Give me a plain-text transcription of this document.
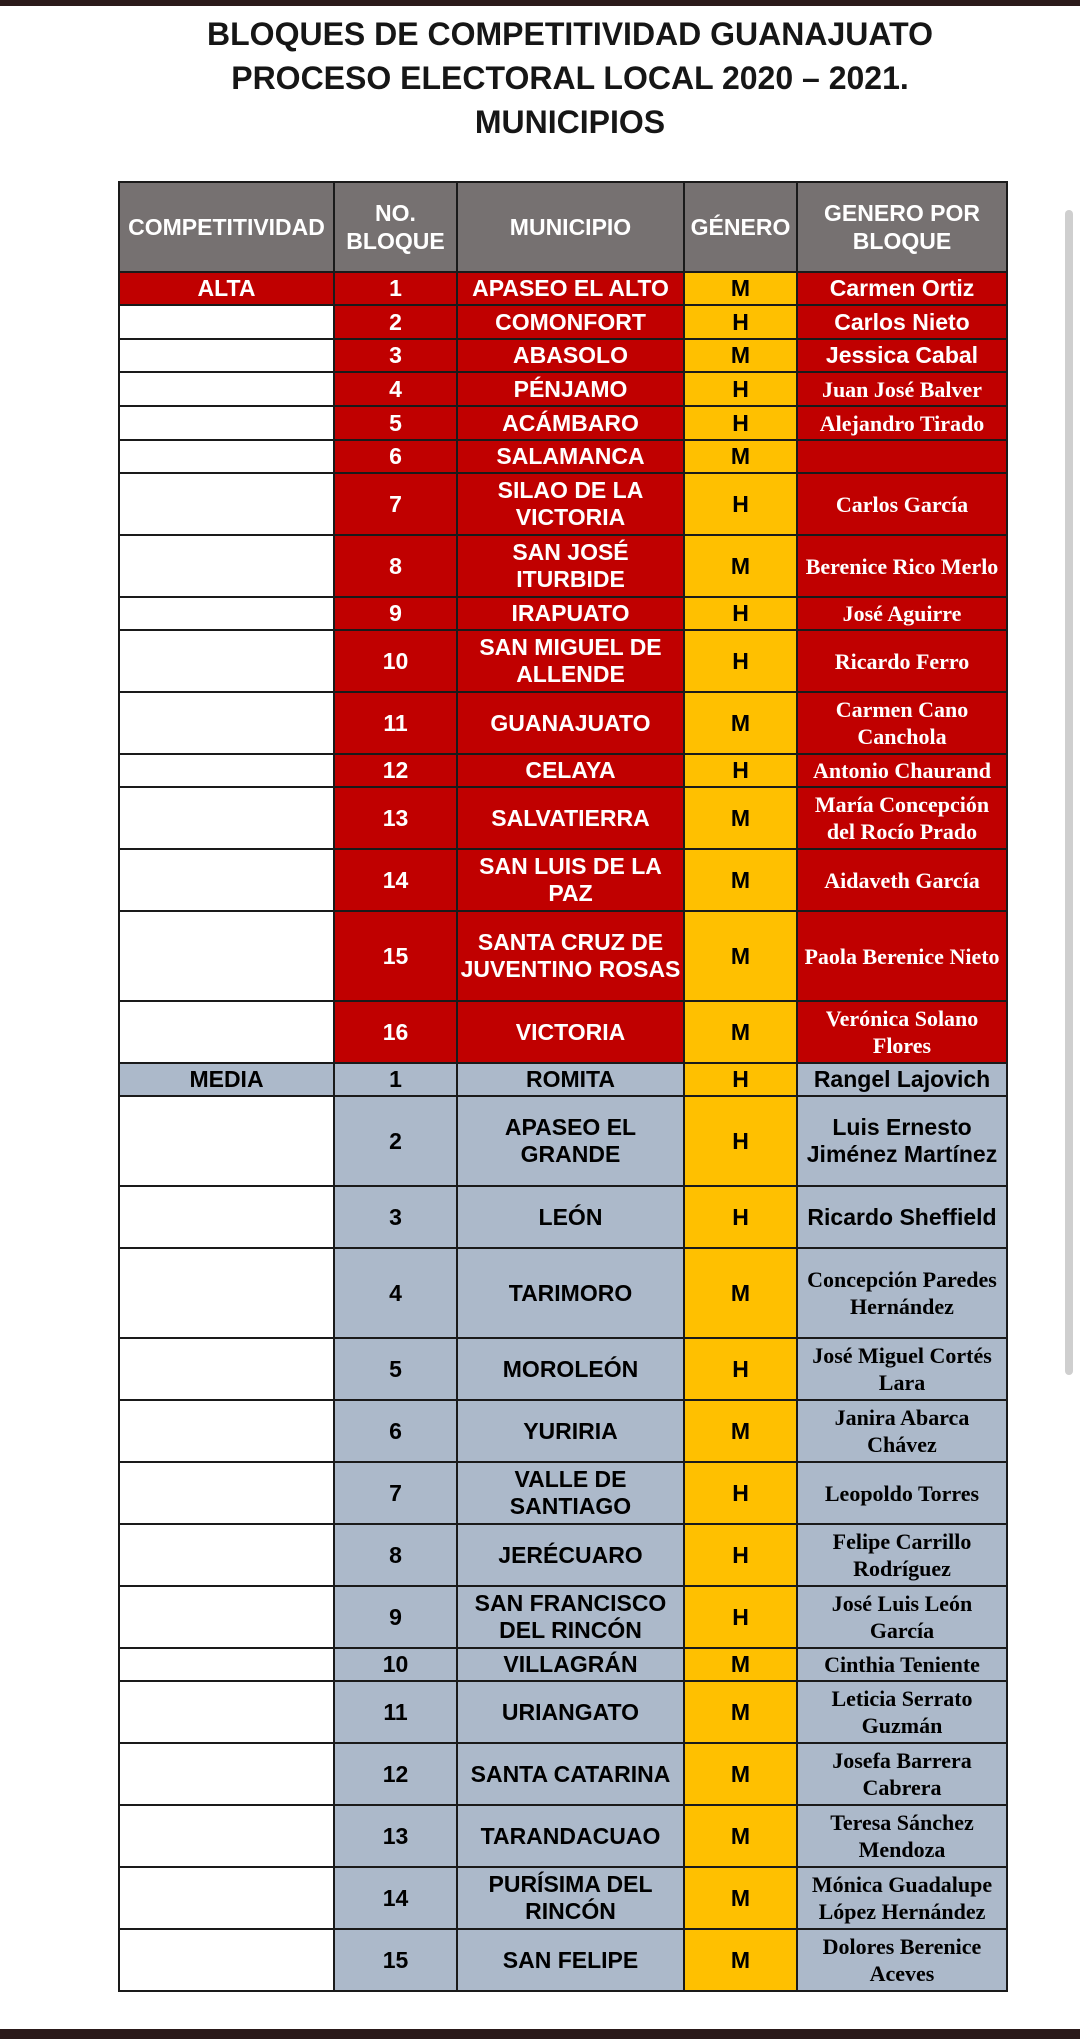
BLOQUES DE COMPETITIVIDAD GUANAJUATO
PROCESO ELECTORAL LOCAL 2020 – 2021.
MUNICIPIOS
COMPETITIVIDAD	NO. BLOQUE	MUNICIPIO	GÉNERO	GENERO POR BLOQUE
ALTA	1	APASEO EL ALTO	M	Carmen Ortiz
	2	COMONFORT	H	Carlos Nieto
	3	ABASOLO	M	Jessica Cabal
	4	PÉNJAMO	H	Juan José Balver
	5	ACÁMBARO	H	Alejandro Tirado
	6	SALAMANCA	M	
	7	SILAO DE LA VICTORIA	H	Carlos García
	8	SAN JOSÉ ITURBIDE	M	Berenice Rico Merlo
	9	IRAPUATO	H	José Aguirre
	10	SAN MIGUEL DE ALLENDE	H	Ricardo Ferro
	11	GUANAJUATO	M	Carmen Cano Canchola
	12	CELAYA	H	Antonio Chaurand
	13	SALVATIERRA	M	María Concepción del Rocío Prado
	14	SAN LUIS DE LA PAZ	M	Aidaveth García
	15	SANTA CRUZ DE JUVENTINO ROSAS	M	Paola Berenice Nieto
	16	VICTORIA	M	Verónica Solano Flores
MEDIA	1	ROMITA	H	Rangel Lajovich
	2	APASEO EL GRANDE	H	Luis Ernesto Jiménez Martínez
	3	LEÓN	H	Ricardo Sheffield
	4	TARIMORO	M	Concepción Paredes Hernández
	5	MOROLEÓN	H	José Miguel Cortés Lara
	6	YURIRIA	M	Janira Abarca Chávez
	7	VALLE DE SANTIAGO	H	Leopoldo Torres
	8	JERÉCUARO	H	Felipe Carrillo Rodríguez
	9	SAN FRANCISCO DEL RINCÓN	H	José Luis León García
	10	VILLAGRÁN	M	Cinthia Teniente
	11	URIANGATO	M	Leticia Serrato Guzmán
	12	SANTA CATARINA	M	Josefa Barrera Cabrera
	13	TARANDACUAO	M	Teresa Sánchez Mendoza
	14	PURÍSIMA DEL RINCÓN	M	Mónica Guadalupe López Hernández
	15	SAN FELIPE	M	Dolores Berenice Aceves
